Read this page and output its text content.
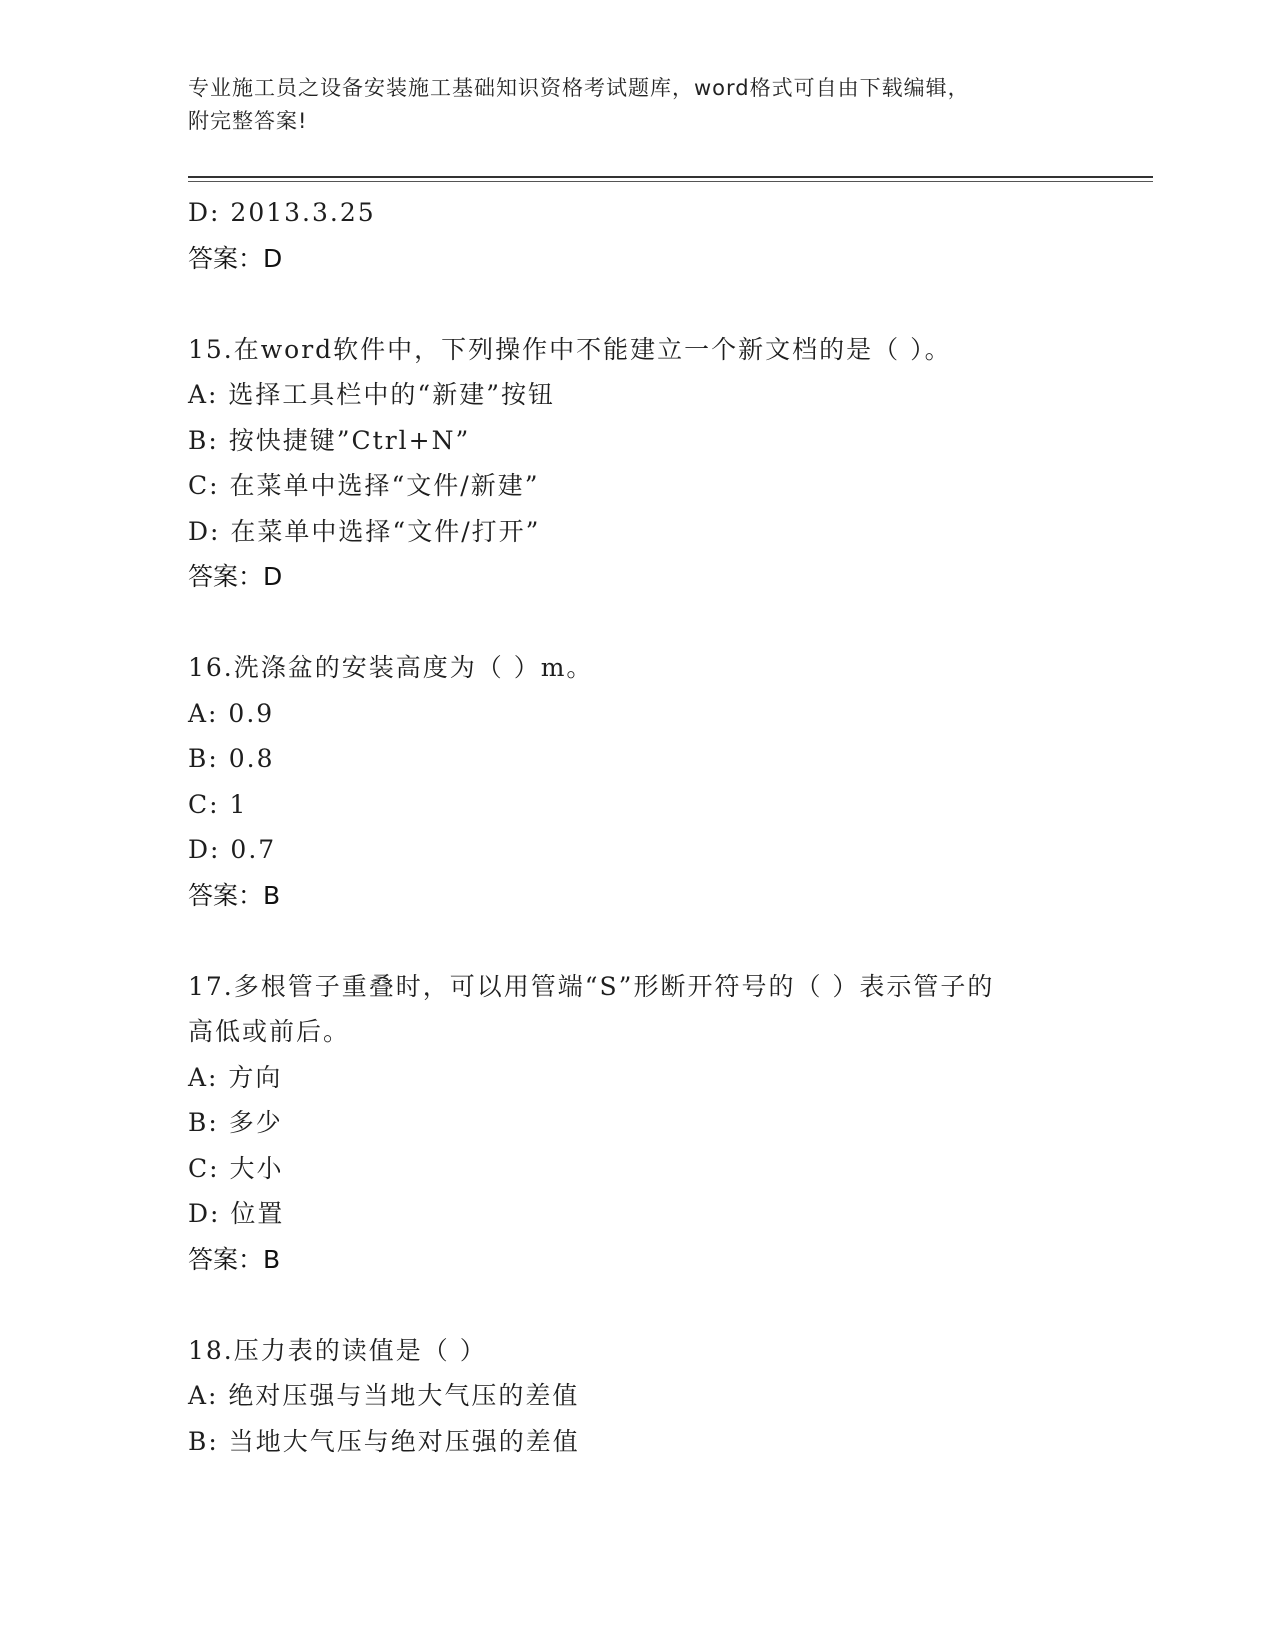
专业施工员之设备安装施工基础知识资格考试题库，word格式可自由下载编辑，
附完整答案!
D: 2013.3.25
答案：D
15.在word软件中，下列操作中不能建立一个新文档的是（ ）。
A: 选择工具栏中的“新建”按钮
B: 按快捷键”Ctrl+N”
C: 在菜单中选择“文件/新建”
D: 在菜单中选择“文件/打开”
答案：D
16.洗涤盆的安装高度为（ ）m。
A: 0.9
B: 0.8
C: 1
D: 0.7
答案：B
17.多根管子重叠时，可以用管端“S”形断开符号的（ ）表示管子的
高低或前后。
A: 方向
B: 多少
C: 大小
D: 位置
答案：B
18.压力表的读值是（ ）
A: 绝对压强与当地大气压的差值
B: 当地大气压与绝对压强的差值
